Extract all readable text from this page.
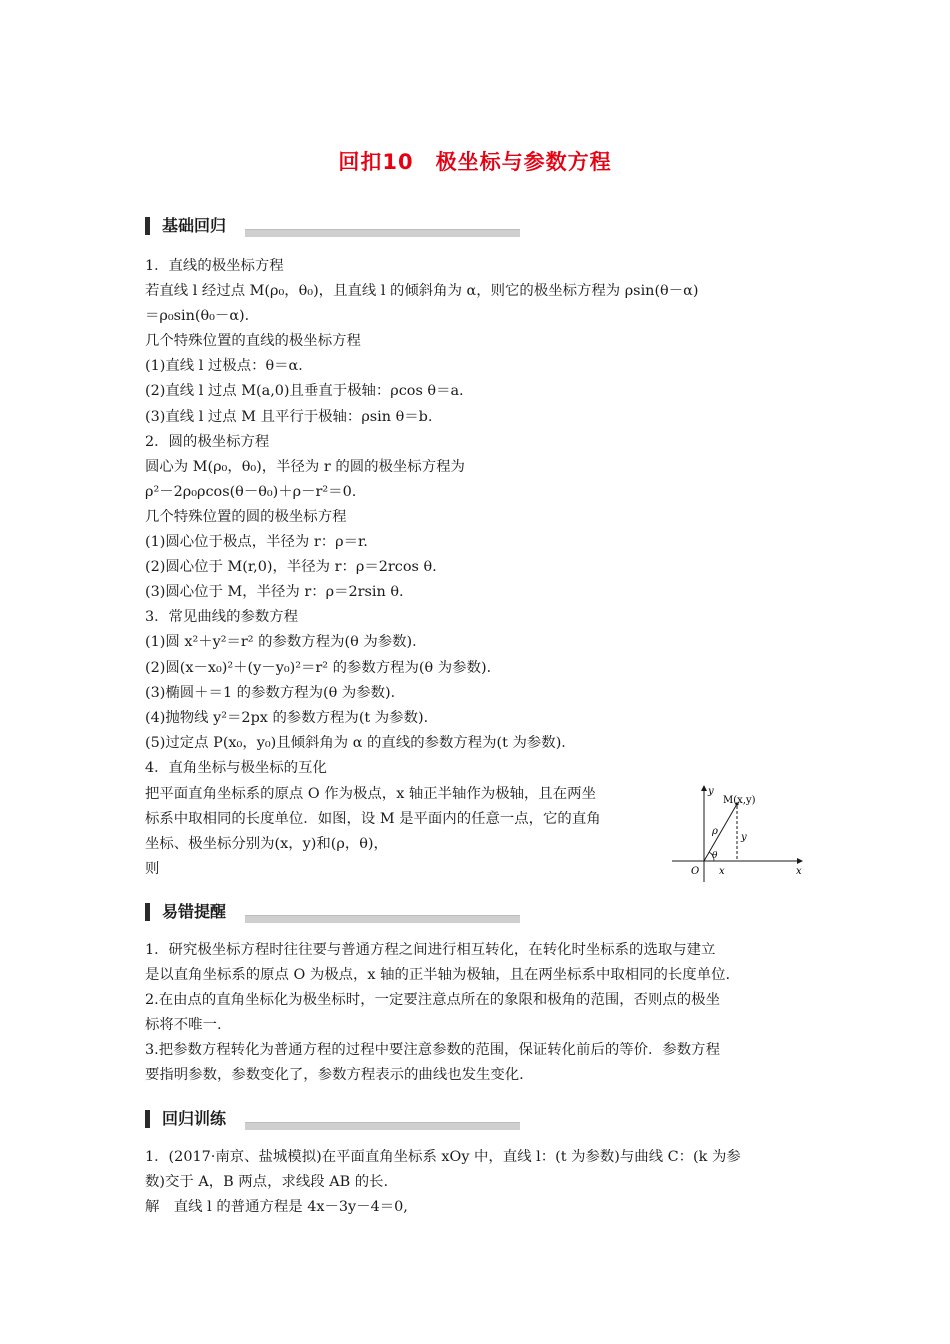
回扣10　极坐标与参数方程
基础回归
1．直线的极坐标方程
若直线 l 经过点 M(ρ₀，θ₀)，且直线 l 的倾斜角为 α，则它的极坐标方程为 ρsin(θ－α)
＝ρ₀sin(θ₀－α)．
几个特殊位置的直线的极坐标方程
(1)直线 l 过极点：θ＝α．
(2)直线 l 过点 M(a,0)且垂直于极轴：ρcos θ＝a.
(3)直线 l 过点 M 且平行于极轴：ρsin θ＝b.
2．圆的极坐标方程
圆心为 M(ρ₀，θ₀)，半径为 r 的圆的极坐标方程为
ρ²－2ρ₀ρcos(θ－θ₀)＋ρ－r²＝0.
几个特殊位置的圆的极坐标方程
(1)圆心位于极点，半径为 r：ρ＝r.
(2)圆心位于 M(r,0)，半径为 r：ρ＝2rcos θ.
(3)圆心位于 M，半径为 r：ρ＝2rsin θ.
3．常见曲线的参数方程
(1)圆 x²＋y²＝r² 的参数方程为(θ 为参数)．
(2)圆(x－x₀)²＋(y－y₀)²＝r² 的参数方程为(θ 为参数)．
(3)椭圆＋＝1 的参数方程为(θ 为参数)．
(4)抛物线 y²＝2px 的参数方程为(t 为参数)．
(5)过定点 P(x₀，y₀)且倾斜角为 α 的直线的参数方程为(t 为参数)．
4．直角坐标与极坐标的互化
把平面直角坐标系的原点 O 作为极点，x 轴正半轴作为极轴，且在两坐
标系中取相同的长度单位．如图，设 M 是平面内的任意一点，它的直角
坐标、极坐标分别为(x，y)和(ρ，θ)，
则
y
M(x,y)
ρ
y
θ
O x	x
易错提醒
1．研究极坐标方程时往往要与普通方程之间进行相互转化，在转化时坐标系的选取与建立
是以直角坐标系的原点 O 为极点，x 轴的正半轴为极轴，且在两坐标系中取相同的长度单位.
2.在由点的直角坐标化为极坐标时，一定要注意点所在的象限和极角的范围，否则点的极坐
标将不唯一.
3.把参数方程转化为普通方程的过程中要注意参数的范围，保证转化前后的等价．参数方程
要指明参数，参数变化了，参数方程表示的曲线也发生变化.
回归训练
1．(2017·南京、盐城模拟)在平面直角坐标系 xOy 中，直线 l：(t 为参数)与曲线 C：(k 为参
数)交于 A，B 两点，求线段 AB 的长.
解　直线 l 的普通方程是 4x－3y－4＝0,
